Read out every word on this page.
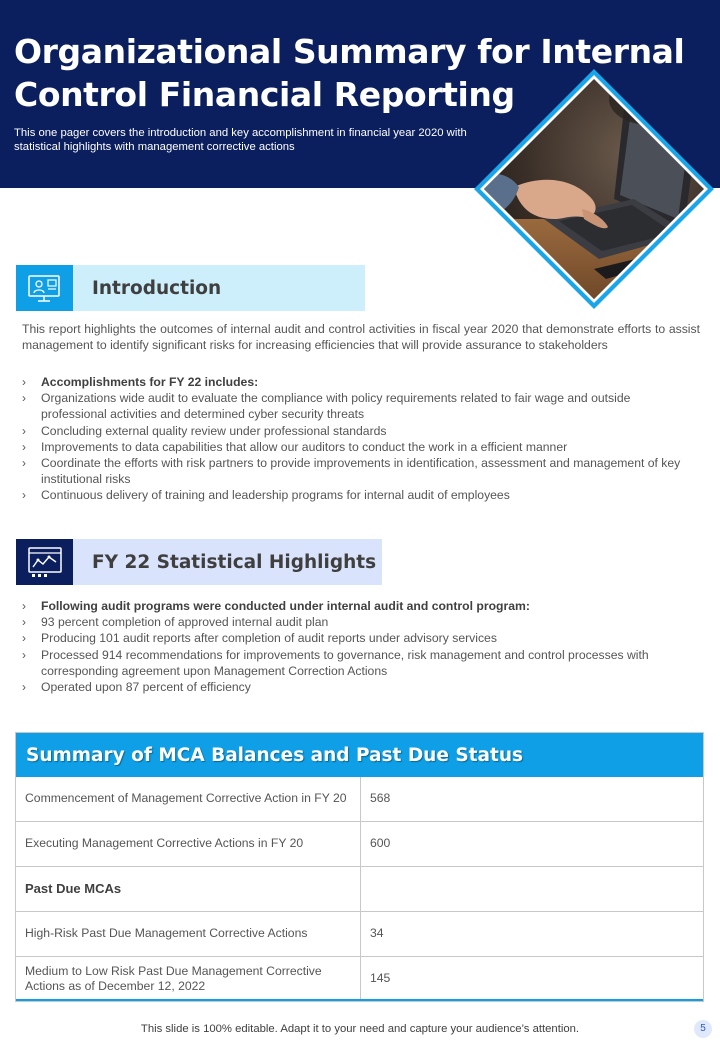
Organizational Summary for Internal Control Financial Reporting

This one pager covers the introduction and key accomplishment in financial year 2020 with statistical highlights with management corrective actions

Introduction

This report highlights the outcomes of internal audit and control activities in fiscal year 2020 that demonstrate efforts to assist management to identify significant risks for increasing efficiencies that will provide assurance to stakeholders

›	Accomplishments for FY 22 includes:
›	Organizations wide audit to evaluate the compliance with policy requirements related to fair wage and outside professional activities and determined cyber security threats
›	Concluding external quality review under professional standards
›	Improvements to data capabilities that allow our auditors to conduct the work in a efficient manner
›	Coordinate the efforts with risk partners to provide improvements in identification, assessment and management of key institutional risks
›	Continuous delivery of training and leadership programs for internal audit of employees
FY 22 Statistical Highlights
›	Following audit programs were conducted under internal audit and control program:
›	93 percent completion of approved internal audit plan
›	Producing 101 audit reports after completion of audit reports under advisory services
›	Processed 914 recommendations for improvements to governance, risk management and control processes with corresponding agreement upon Management Correction Actions
›	Operated upon 87 percent of efficiency
Summary of MCA Balances and Past Due Status
Commencement of Management Corrective Action in FY 20	568
Executing Management Corrective Actions in FY 20	600
Past Due MCAs	
High-Risk Past Due Management Corrective Actions	34
Medium to Low Risk Past Due Management Corrective Actions as of December 12, 2022	145
This slide is 100% editable. Adapt it to your need and capture your audience’s attention.	5
